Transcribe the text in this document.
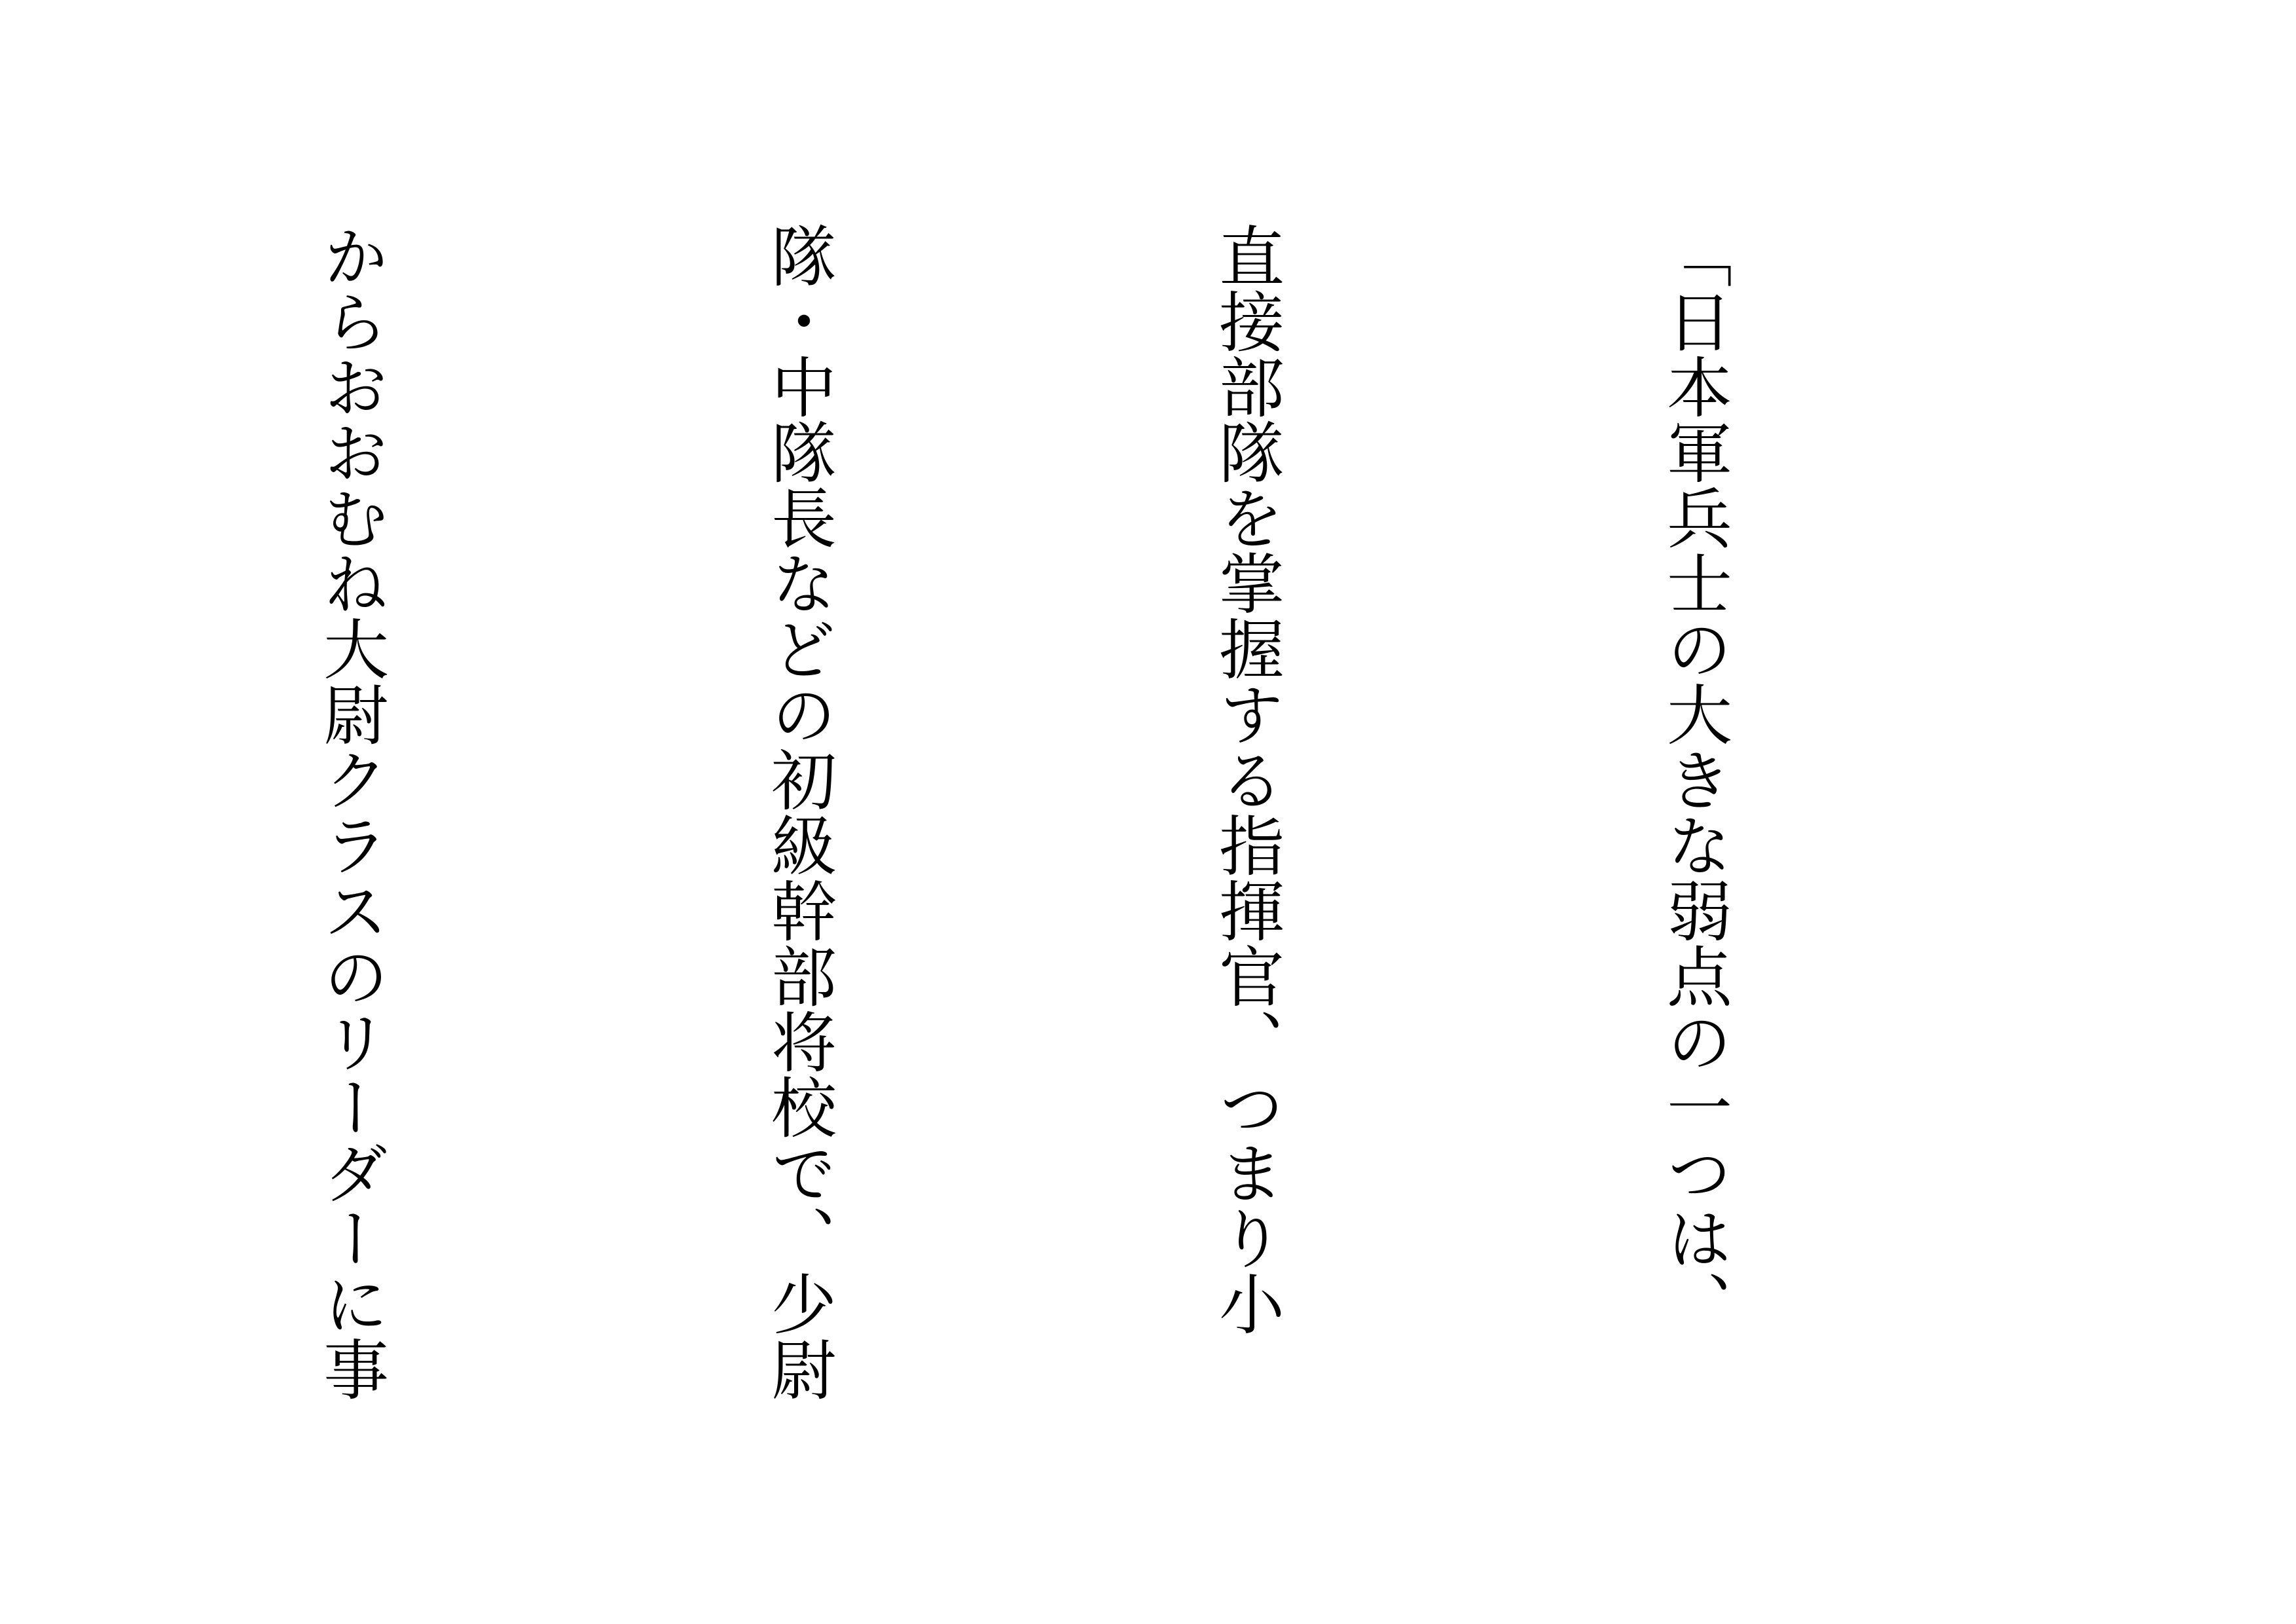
「日本軍兵士の大きな弱点の一つは、

直接部隊を掌握する指揮官、つまり小

隊・中隊長などの初級幹部将校で、少尉

からおおむね大尉クラスのリーダーに事
